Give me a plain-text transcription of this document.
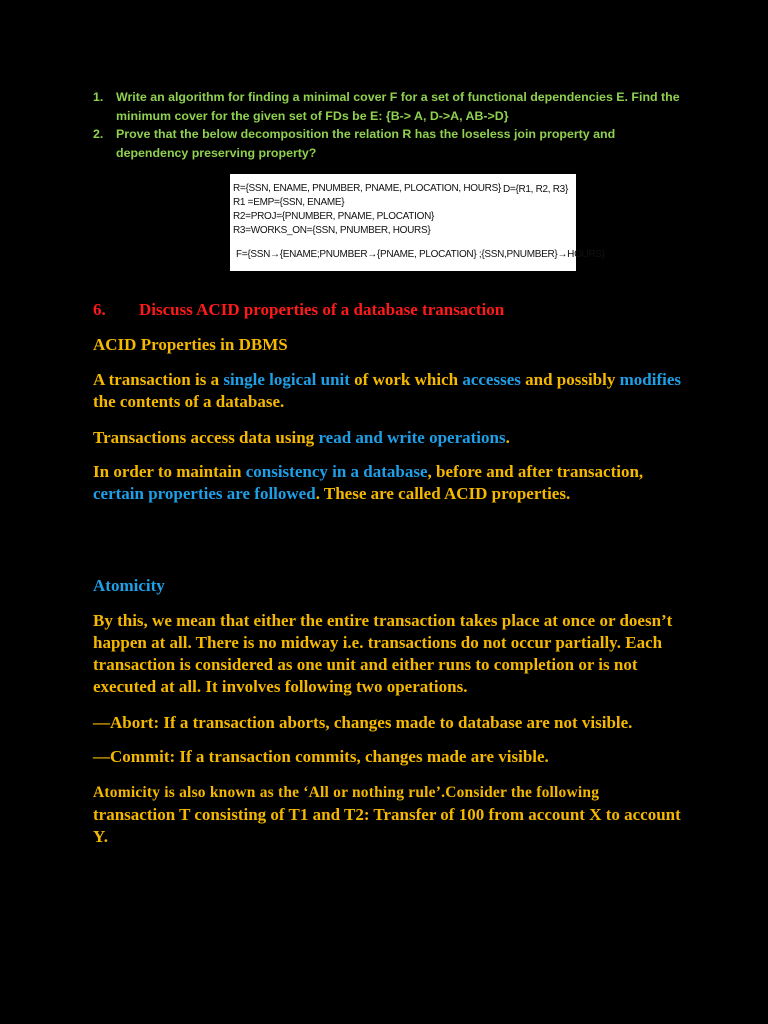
1. Write an algorithm for finding a minimal cover F for a set of functional dependencies E. Find the minimum cover for the given set of FDs be E: {B-> A, D->A, AB->D}
2. Prove that the below decomposition the relation R has the loseless join property and dependency preserving property?
R={SSN, ENAME, PNUMBER, PNAME, PLOCATION, HOURS}
R1 =EMP={SSN, ENAME}
R2=PROJ={PNUMBER, PNAME, PLOCATION}
R3=WORKS_ON={SSN, PNUMBER, HOURS}
D={R1, R2, R3}
F={SSN→{ENAME;PNUMBER→{PNAME, PLOCATION} ;{SSN,PNUMBER}→HOURS}
6. Discuss ACID properties of a database transaction
ACID Properties in DBMS
A transaction is a single logical unit of work which accesses and possibly modifies the contents of a database.
Transactions access data using read and write operations.
In order to maintain consistency in a database, before and after transaction, certain properties are followed. These are called ACID properties.
Atomicity
By this, we mean that either the entire transaction takes place at once or doesn’t happen at all. There is no midway i.e. transactions do not occur partially. Each transaction is considered as one unit and either runs to completion or is not executed at all. It involves following two operations.
—Abort: If a transaction aborts, changes made to database are not visible.
—Commit: If a transaction commits, changes made are visible.
Atomicity is also known as the ‘All or nothing rule’.Consider the following
transaction T consisting of T1 and T2: Transfer of 100 from account X to account Y.
